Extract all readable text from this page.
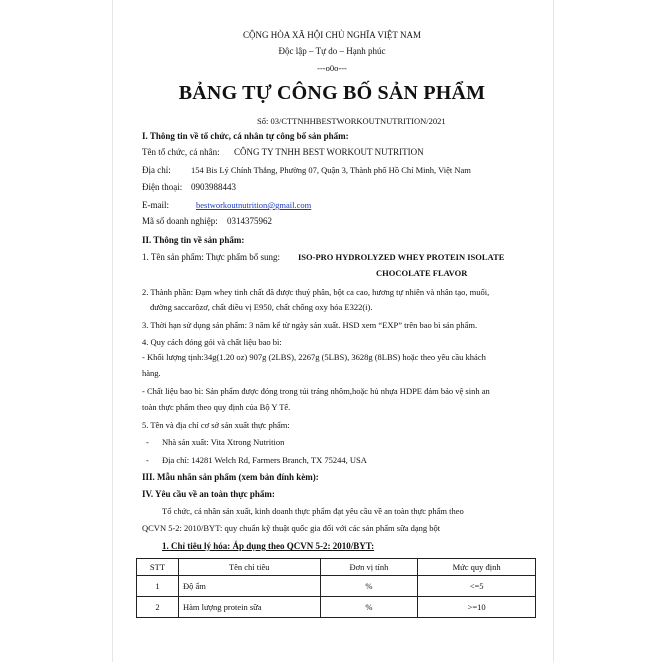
CỘNG HÒA XÃ HỘI CHỦ NGHĨA VIỆT NAM
Độc lập – Tự do – Hạnh phúc
---o0o---
BẢNG TỰ CÔNG BỐ SẢN PHẨM
Số: 03/CTTNHHBESTWORKOUTNUTRITION/2021
I. Thông tin về tổ chức, cá nhân tự công bố sản phẩm:
Tên tổ chức, cá nhân: CÔNG TY TNHH BEST WORKOUT NUTRITION
Địa chỉ: 154 Bis Lý Chính Thắng, Phường 07, Quận 3, Thành phố Hồ Chí Minh, Việt Nam
Điện thoại: 0903988443
E-mail:	bestworkoutnutrition@gmail.com
Mã số doanh nghiệp: 0314375962
II. Thông tin về sản phẩm:
1. Tên sản phẩm: Thực phẩm bổ sung: ISO-PRO HYDROLYZED WHEY PROTEIN ISOLATE
CHOCOLATE FLAVOR
2. Thành phần: Đạm whey tinh chất đã được thuỷ phân, bột ca cao, hương tự nhiên và nhân tạo, muối,
đường saccarôzơ, chất điều vị E950, chất chống oxy hóa E322(i).
3. Thời hạn sử dụng sản phẩm: 3 năm kể từ ngày sản xuất. HSD xem “EXP” trên bao bì sản phẩm.
4. Quy cách đóng gói và chất liệu bao bì:
- Khối lượng tịnh:34g(1.20 oz) 907g (2LBS), 2267g (5LBS), 3628g (8LBS) hoặc theo yêu cầu khách
hàng.
- Chất liệu bao bì: Sản phẩm được đóng trong túi tráng nhôm,hoặc hủ nhựa HDPE đảm bảo vệ sinh an
toàn thực phẩm theo quy định của Bộ Y Tế.
5. Tên và địa chỉ cơ sở sản xuất thực phẩm:
- Nhà sản xuất: Vita Xtrong Nutrition
- Địa chỉ: 14281 Welch Rd, Farmers Branch, TX 75244, USA
III. Mẫu nhãn sản phẩm (xem bản đính kèm):
IV. Yêu cầu về an toàn thực phẩm:
Tổ chức, cá nhân sản xuất, kinh doanh thực phẩm đạt yêu cầu về an toàn thực phẩm theo
QCVN 5-2: 2010/BYT: quy chuẩn kỹ thuật quốc gia đối với các sản phẩm sữa dạng bột
1. Chỉ tiêu lý hóa: Áp dụng theo QCVN 5-2: 2010/BYT:
STT	Tên chỉ tiêu	Đơn vị tính	Mức quy định
1	Độ ẩm	%	<=5
2	Hàm lượng protein sữa	%	>=10
